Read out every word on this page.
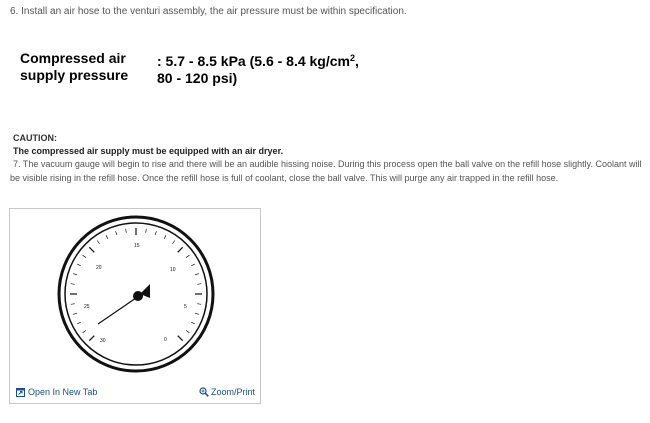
6. Install an air hose to the venturi assembly, the air pressure must be within specification.
Compressed air
supply pressure
: 5.7 - 8.5 kPa (5.6 - 8.4 $kg/cm^2$,
80 - 120 psi)
CAUTION:
The compressed air supply must be equipped with an air dryer.
7. The vacuum gauge will begin to rise and there will be an audible hissing noise. During this process open the ball valve on the refill hose slightly. Coolant will be visible rising in the refill hose. Once the refill hose is full of coolant, close the ball valve. This will purge any air trapped in the refill hose.
15
20	10
25	5
30	0
Open In New Tab	Zoom/Print
